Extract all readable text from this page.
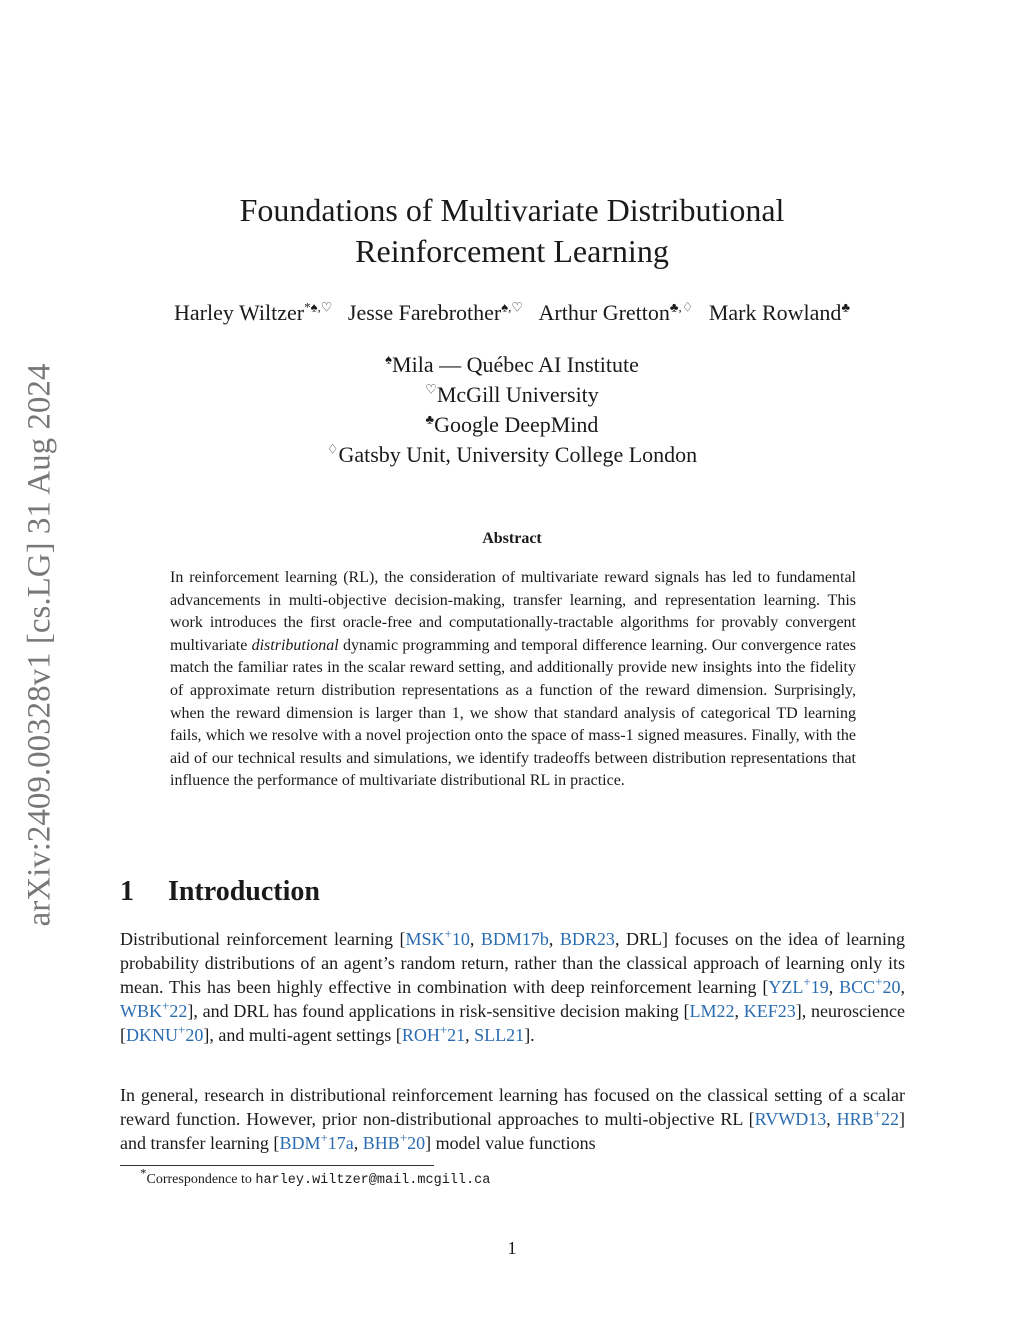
arXiv:2409.00328v1 [cs.LG] 31 Aug 2024
Foundations of Multivariate Distributional
Reinforcement Learning
Harley Wiltzer*♠,♡ Jesse Farebrother♠,♡ Arthur Gretton♣,♢ Mark Rowland♣
♠Mila — Québec AI Institute
♡McGill University
♣Google DeepMind
♢Gatsby Unit, University College London
Abstract
In reinforcement learning (RL), the consideration of multivariate reward signals has led to fundamental advancements in multi-objective decision-making, transfer learning, and representation learning. This work introduces the first oracle-free and computationally-tractable algorithms for provably convergent multivariate distributional dynamic programming and temporal difference learning. Our convergence rates match the familiar rates in the scalar reward setting, and additionally provide new insights into the fidelity of approximate return distribution representations as a function of the reward dimension. Surprisingly, when the reward dimension is larger than 1, we show that standard analysis of categorical TD learning fails, which we resolve with a novel projection onto the space of mass-1 signed measures. Finally, with the aid of our technical results and simulations, we identify tradeoffs between distribution representations that influence the performance of multivariate distributional RL in practice.
1 Introduction
Distributional reinforcement learning [MSK+10, BDM17b, BDR23, DRL] focuses on the idea of learning probability distributions of an agent’s random return, rather than the classical approach of learning only its mean. This has been highly effective in combination with deep reinforcement learning [YZL+19, BCC+20, WBK+22], and DRL has found applications in risk-sensitive decision making [LM22, KEF23], neuroscience [DKNU+20], and multi-agent settings [ROH+21, SLL21].
In general, research in distributional reinforcement learning has focused on the classical setting of a scalar reward function. However, prior non-distributional approaches to multi-objective RL [RVWD13, HRB+22] and transfer learning [BDM+17a, BHB+20] model value functions
*Correspondence to harley.wiltzer@mail.mcgill.ca
1
